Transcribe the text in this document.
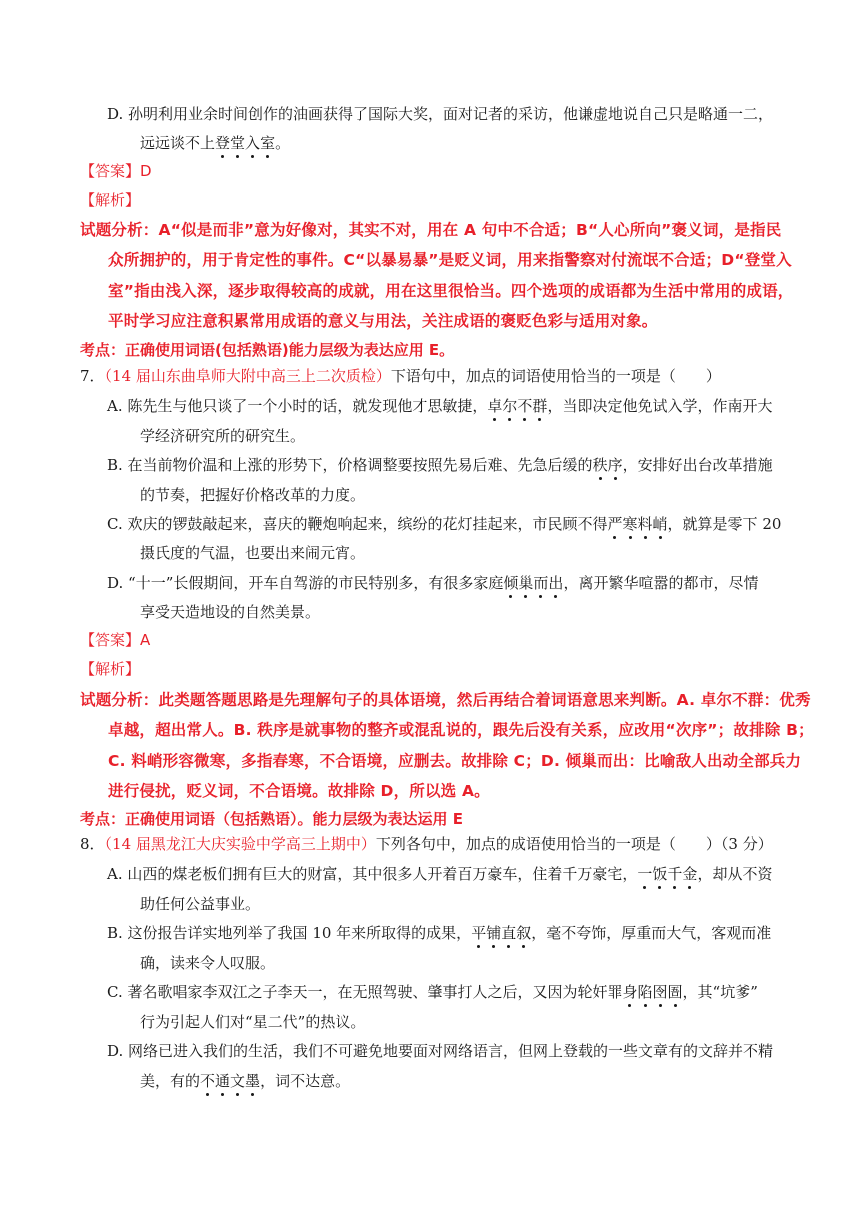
D. 孙明利用业余时间创作的油画获得了国际大奖，面对记者的采访，他谦虚地说自己只是略通一二，
远远谈不上登堂入室。
【答案】D
【解析】
试题分析：A“似是而非”意为好像对，其实不对，用在 A 句中不合适；B“人心所向”褒义词，是指民
众所拥护的，用于肯定性的事件。C“以暴易暴”是贬义词，用来指警察对付流氓不合适；D“登堂入
室”指由浅入深，逐步取得较高的成就，用在这里很恰当。四个选项的成语都为生活中常用的成语，
平时学习应注意积累常用成语的意义与用法，关注成语的褒贬色彩与适用对象。
考点：正确使用词语(包括熟语)能力层级为表达应用 E。
7．（14 届山东曲阜师大附中高三上二次质检）下语句中，加点的词语使用恰当的一项是（　　）
A. 陈先生与他只谈了一个小时的话，就发现他才思敏捷，卓尔不群，当即决定他免试入学，作南开大
学经济研究所的研究生。
B. 在当前物价温和上涨的形势下，价格调整要按照先易后难、先急后缓的秩序，安排好出台改革措施
的节奏，把握好价格改革的力度。
C. 欢庆的锣鼓敲起来，喜庆的鞭炮响起来，缤纷的花灯挂起来，市民顾不得严寒料峭，就算是零下 20
摄氏度的气温，也要出来闹元宵。
D. “十一”长假期间，开车自驾游的市民特别多，有很多家庭倾巢而出，离开繁华喧嚣的都市，尽情
享受天造地设的自然美景。
【答案】A
【解析】
试题分析：此类题答题思路是先理解句子的具体语境，然后再结合着词语意思来判断。A. 卓尔不群：优秀
卓越，超出常人。B. 秩序是就事物的整齐或混乱说的，跟先后没有关系，应改用“次序”；故排除 B；
C. 料峭形容微寒，多指春寒，不合语境，应删去。故排除 C；D. 倾巢而出：比喻敌人出动全部兵力
进行侵扰，贬义词，不合语境。故排除 D，所以选 A。
考点：正确使用词语（包括熟语）。能力层级为表达运用 E
8．（14 届黑龙江大庆实验中学高三上期中）下列各句中，加点的成语使用恰当的一项是（　　）（3 分）
A. 山西的煤老板们拥有巨大的财富，其中很多人开着百万豪车，住着千万豪宅，一饭千金，却从不资
助任何公益事业。
B. 这份报告详实地列举了我国 10 年来所取得的成果，平铺直叙，毫不夸饰，厚重而大气，客观而准
确，读来令人叹服。
C. 著名歌唱家李双江之子李天一，在无照驾驶、肇事打人之后，又因为轮奸罪身陷囹圄，其“坑爹”
行为引起人们对“星二代”的热议。
D. 网络已进入我们的生活，我们不可避免地要面对网络语言，但网上登载的一些文章有的文辞并不精
美，有的不通文墨，词不达意。
